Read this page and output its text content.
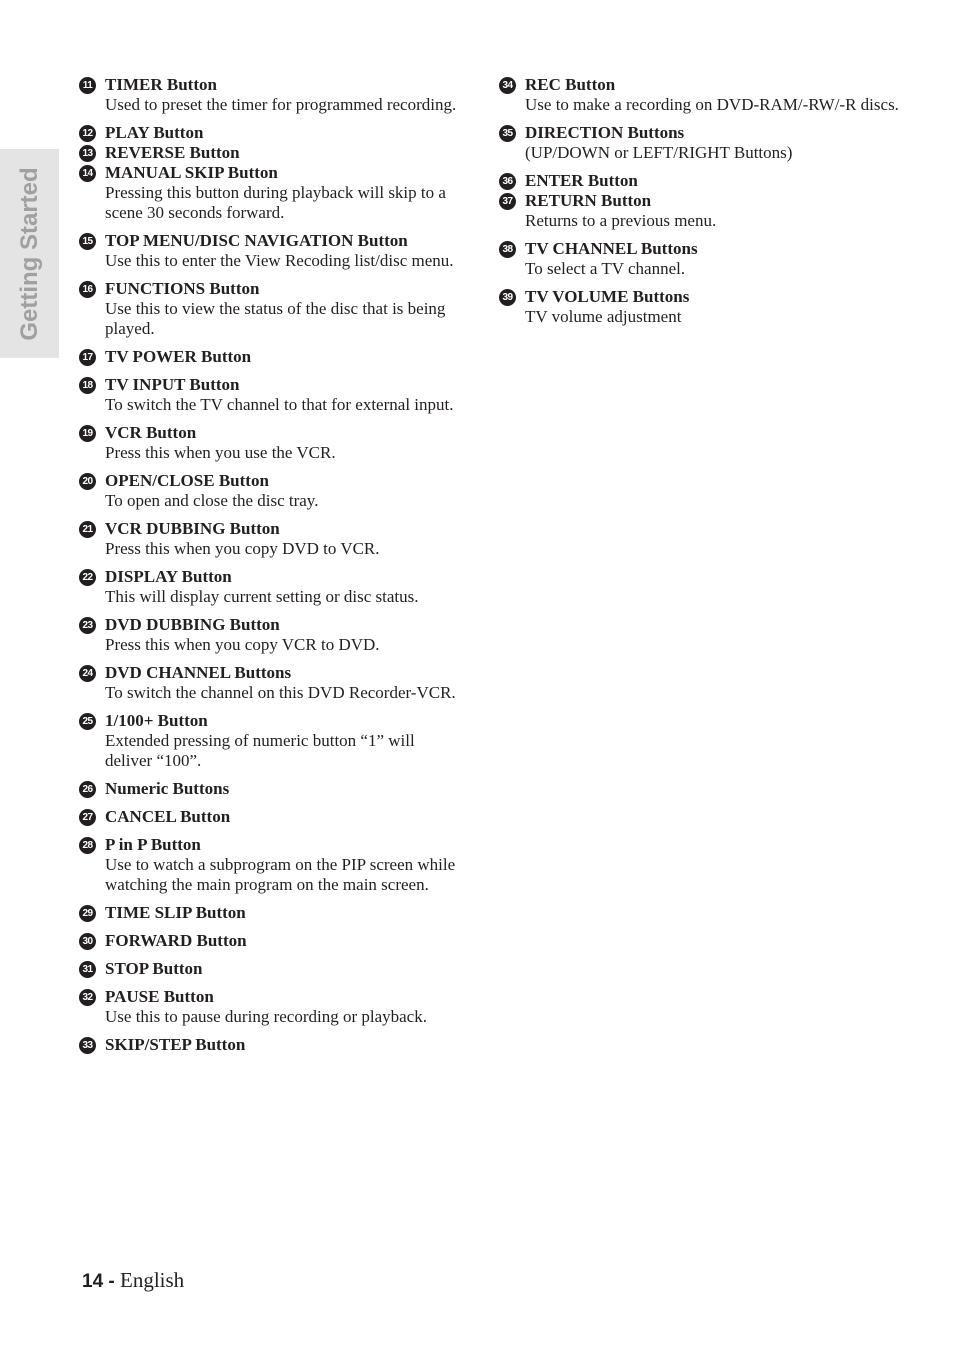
Getting Started
11 TIMER Button
Used to preset the timer for programmed recording.
12 PLAY Button
13 REVERSE Button
14 MANUAL SKIP Button
Pressing this button during playback will skip to a scene 30 seconds forward.
15 TOP MENU/DISC NAVIGATION Button
Use this to enter the View Recoding list/disc menu.
16 FUNCTIONS Button
Use this to view the status of the disc that is being played.
17 TV POWER Button
18 TV INPUT Button
To switch the TV channel to that for external input.
19 VCR Button
Press this when you use the VCR.
20 OPEN/CLOSE Button
To open and close the disc tray.
21 VCR DUBBING Button
Press this when you copy DVD to VCR.
22 DISPLAY Button
This will display current setting or disc status.
23 DVD DUBBING Button
Press this when you copy VCR to DVD.
24 DVD CHANNEL Buttons
To switch the channel on this DVD Recorder-VCR.
25 1/100+ Button
Extended pressing of numeric button “1” will deliver “100”.
26 Numeric Buttons
27 CANCEL Button
28 P in P Button
Use to watch a subprogram on the PIP screen while watching the main program on the main screen.
29 TIME SLIP Button
30 FORWARD Button
31 STOP Button
32 PAUSE Button
Use this to pause during recording or playback.
33 SKIP/STEP Button
34 REC Button
Use to make a recording on DVD-RAM/-RW/-R discs.
35 DIRECTION Buttons
(UP/DOWN or LEFT/RIGHT Buttons)
36 ENTER Button
37 RETURN Button
Returns to a previous menu.
38 TV CHANNEL Buttons
To select a TV channel.
39 TV VOLUME Buttons
TV volume adjustment
14 - English
